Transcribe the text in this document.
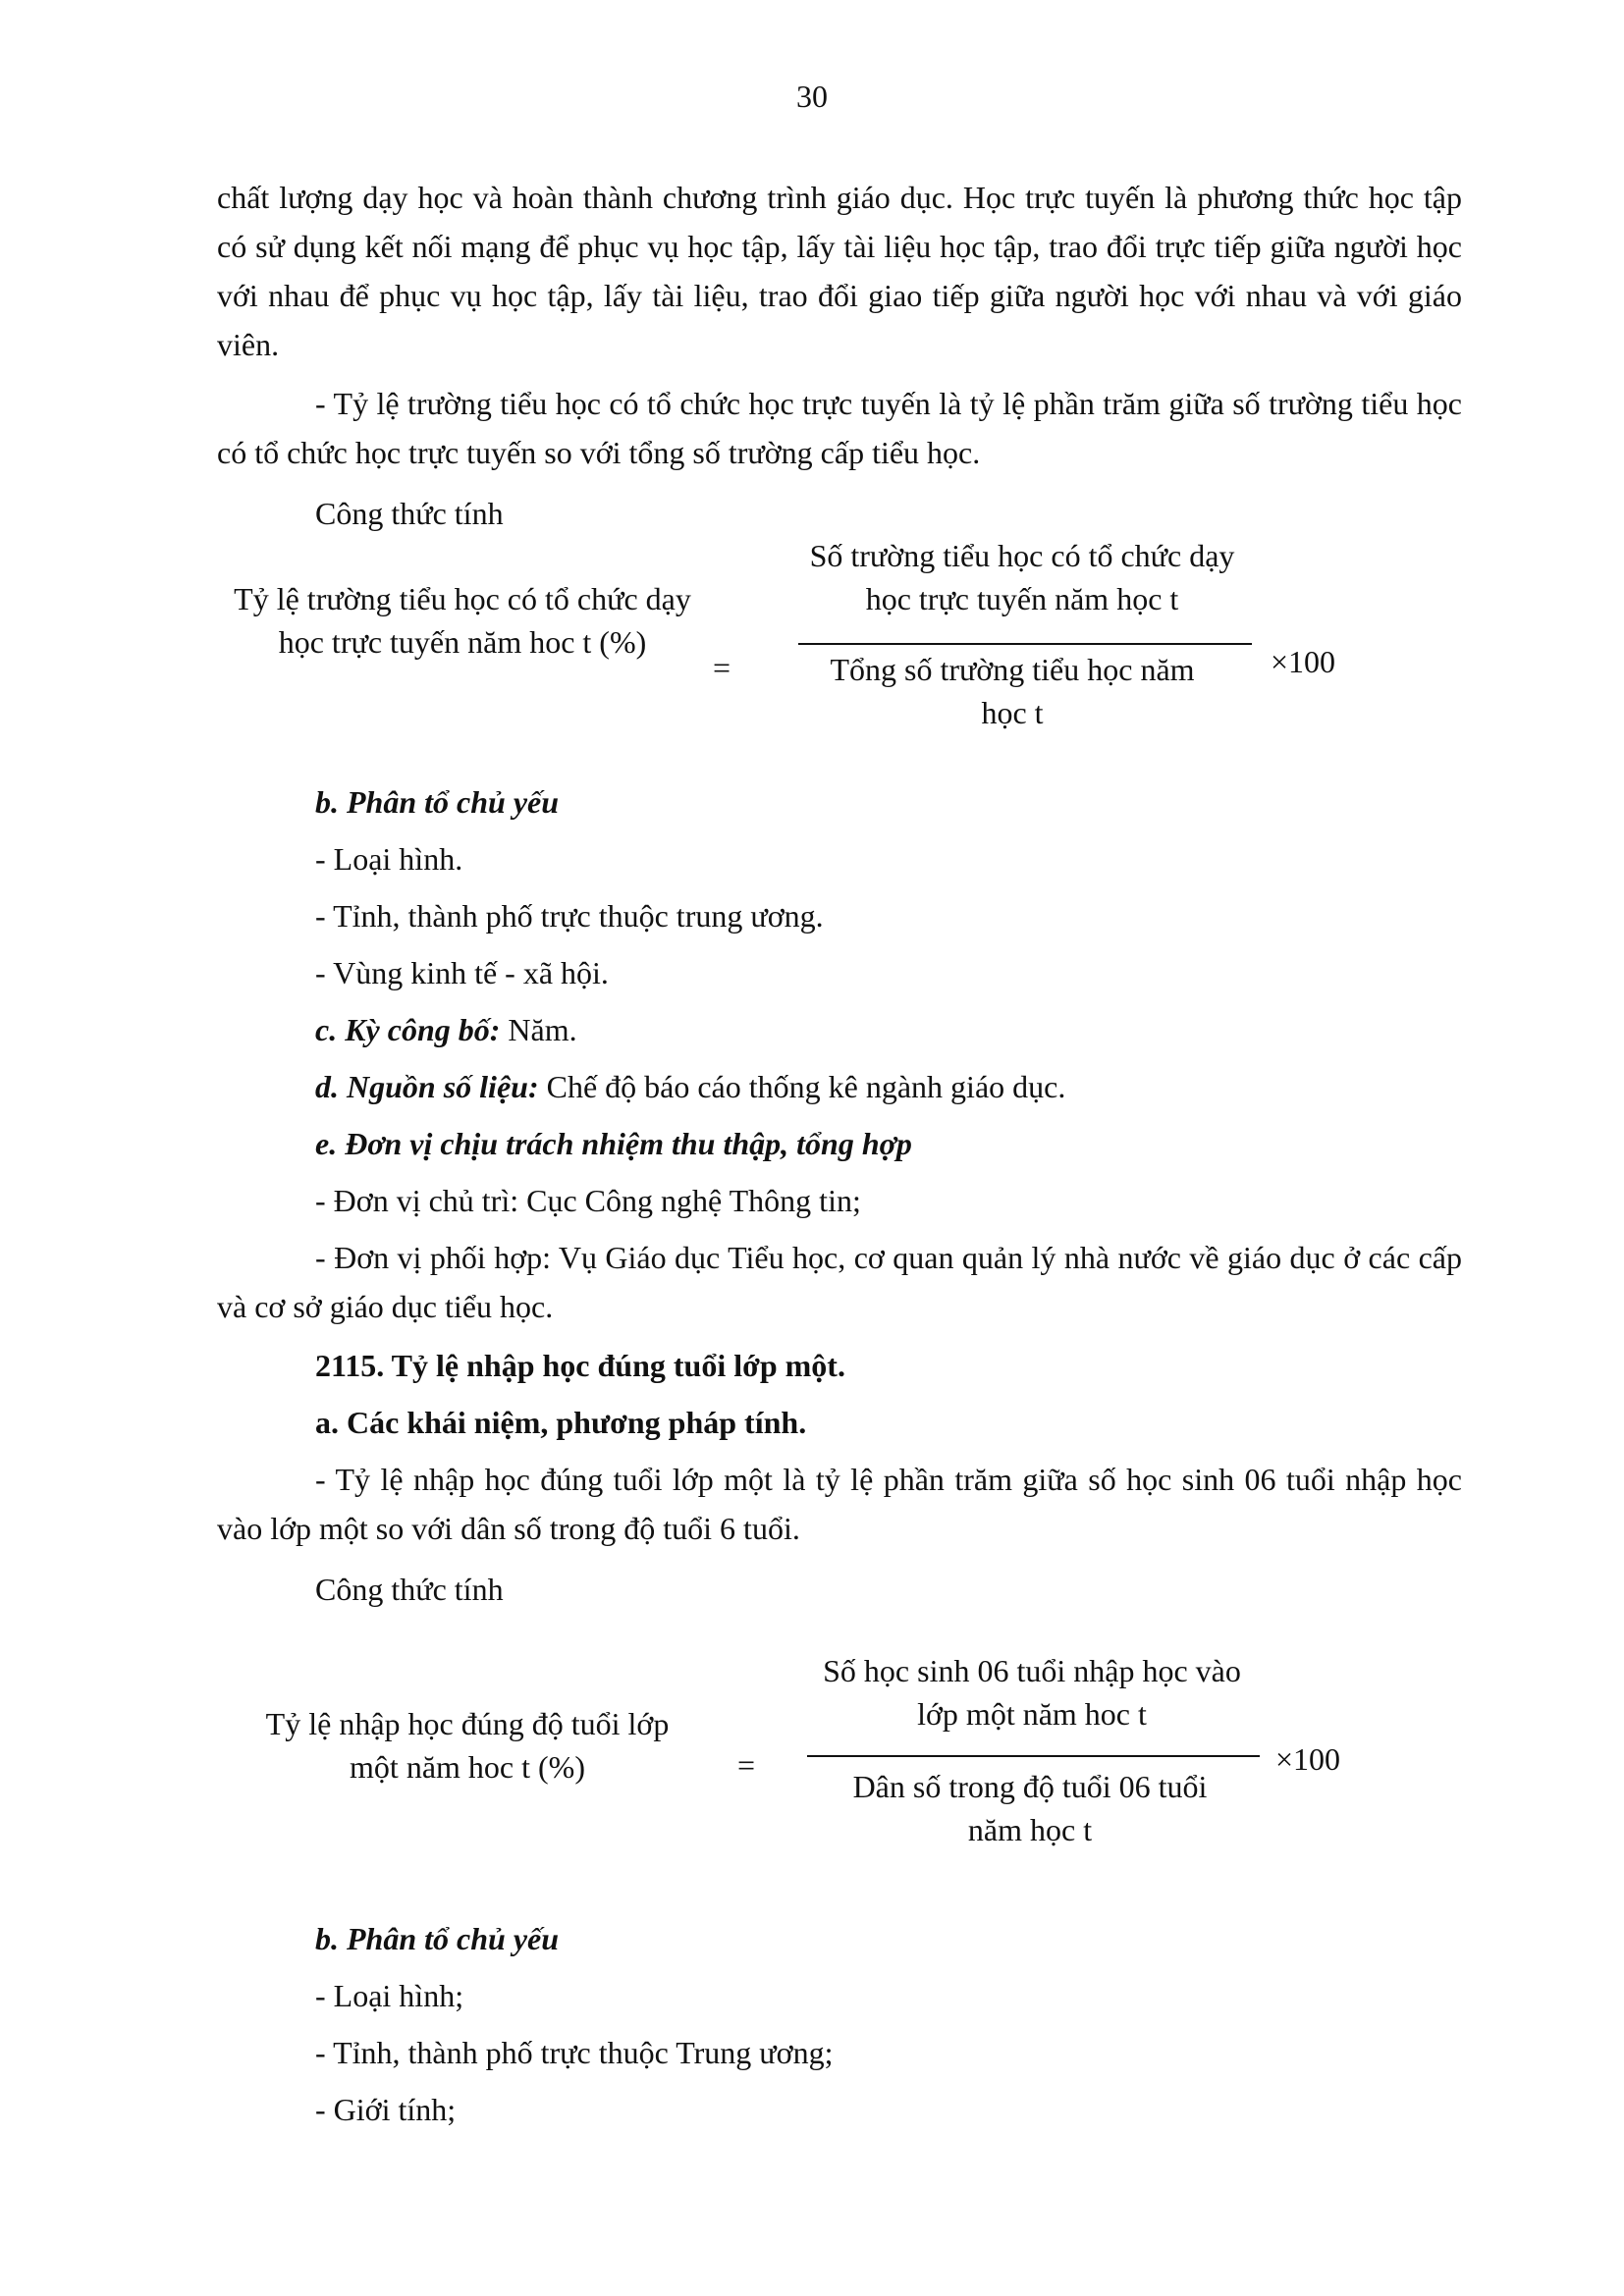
30

chất lượng dạy học và hoàn thành chương trình giáo dục. Học trực tuyến là phương thức học tập có sử dụng kết nối mạng để phục vụ học tập, lấy tài liệu học tập, trao đổi trực tiếp giữa người học với nhau để phục vụ học tập, lấy tài liệu, trao đổi giao tiếp giữa người học với nhau và với giáo viên.

- Tỷ lệ trường tiểu học có tổ chức học trực tuyến là tỷ lệ phần trăm giữa số trường tiểu học có tổ chức học trực tuyến so với tổng số trường cấp tiểu học.

Công thức tính

Tỷ lệ trường tiểu học có tổ chức dạy học trực tuyến năm hoc t (%)
=
Số trường tiểu học có tổ chức dạy học trực tuyến năm học t
Tổng số trường tiểu học năm học t
×100

b. Phân tổ chủ yếu

- Loại hình.

- Tỉnh, thành phố trực thuộc trung ương.

- Vùng kinh tế - xã hội.

c. Kỳ công bố: Năm.

d. Nguồn số liệu: Chế độ báo cáo thống kê ngành giáo dục.

e. Đơn vị chịu trách nhiệm thu thập, tổng hợp

- Đơn vị chủ trì: Cục Công nghệ Thông tin;

- Đơn vị phối hợp: Vụ Giáo dục Tiểu học, cơ quan quản lý nhà nước về giáo dục ở các cấp và cơ sở giáo dục tiểu học.

2115. Tỷ lệ nhập học đúng tuổi lớp một.

a. Các khái niệm, phương pháp tính.

- Tỷ lệ nhập học đúng tuổi lớp một là tỷ lệ phần trăm giữa số học sinh 06 tuổi nhập học vào lớp một so với dân số trong độ tuổi 6 tuổi.

Công thức tính

Tỷ lệ nhập học đúng độ tuổi lớp một năm hoc t (%)	=
Số học sinh 06 tuổi nhập học vào lớp một năm hoc t
Dân số trong độ tuổi 06 tuổi năm học t
×100

b. Phân tổ chủ yếu

- Loại hình;

- Tỉnh, thành phố trực thuộc Trung ương;

- Giới tính;
